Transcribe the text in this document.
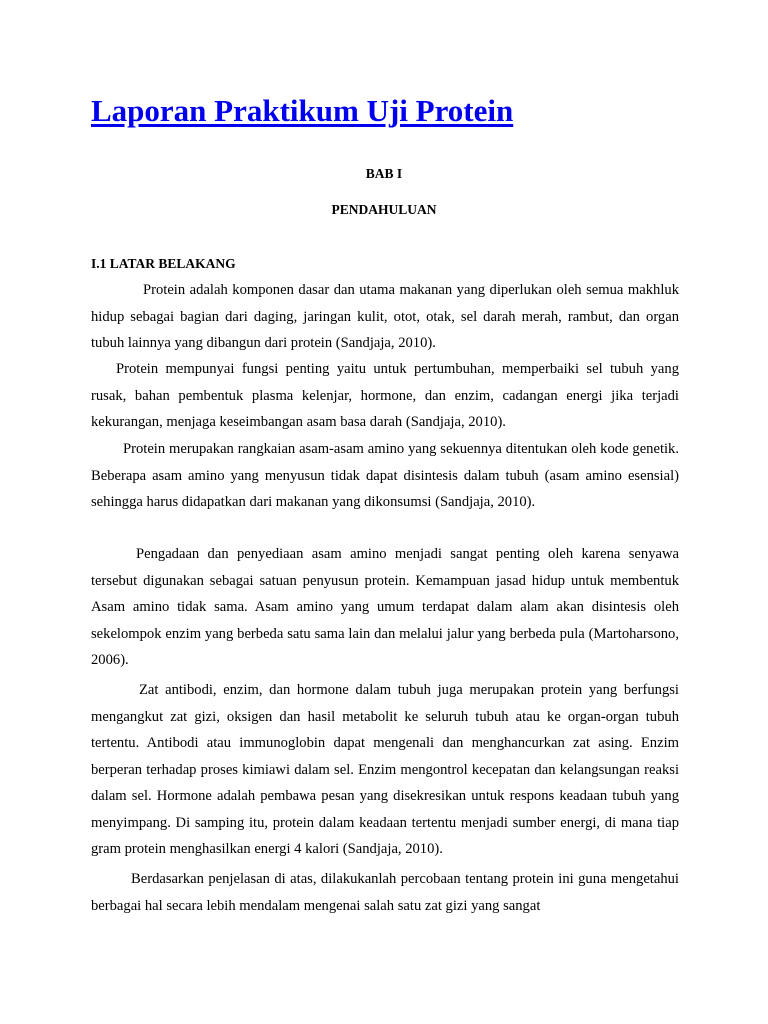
Laporan Praktikum Uji Protein

BAB I

PENDAHULUAN

I.1 LATAR BELAKANG

Protein adalah komponen dasar dan utama makanan yang diperlukan oleh semua makhluk hidup sebagai bagian dari daging, jaringan kulit, otot, otak, sel darah merah, rambut, dan organ tubuh lainnya yang dibangun dari protein (Sandjaja, 2010).

Protein mempunyai fungsi penting yaitu untuk pertumbuhan, memperbaiki sel tubuh yang rusak, bahan pembentuk plasma kelenjar, hormone, dan enzim, cadangan energi jika terjadi kekurangan, menjaga keseimbangan asam basa darah (Sandjaja, 2010).

Protein merupakan rangkaian asam-asam amino yang sekuennya ditentukan oleh kode genetik. Beberapa asam amino yang menyusun tidak dapat disintesis dalam tubuh (asam amino esensial) sehingga harus didapatkan dari makanan yang dikonsumsi (Sandjaja, 2010).

Pengadaan dan penyediaan asam amino menjadi sangat penting oleh karena senyawa tersebut digunakan sebagai satuan penyusun protein. Kemampuan jasad hidup untuk membentuk Asam amino tidak sama. Asam amino yang umum terdapat dalam alam akan disintesis oleh sekelompok enzim yang berbeda satu sama lain dan melalui jalur yang berbeda pula (Martoharsono, 2006).

Zat antibodi, enzim, dan hormone dalam tubuh juga merupakan protein yang berfungsi mengangkut zat gizi, oksigen dan hasil metabolit ke seluruh tubuh atau ke organ-organ tubuh tertentu. Antibodi atau immunoglobin dapat mengenali dan menghancurkan zat asing. Enzim berperan terhadap proses kimiawi dalam sel. Enzim mengontrol kecepatan dan kelangsungan reaksi dalam sel. Hormone adalah pembawa pesan yang disekresikan untuk respons keadaan tubuh yang menyimpang. Di samping itu, protein dalam keadaan tertentu menjadi sumber energi, di mana tiap gram protein menghasilkan energi 4 kalori (Sandjaja, 2010).

Berdasarkan penjelasan di atas, dilakukanlah percobaan tentang protein ini guna mengetahui berbagai hal secara lebih mendalam mengenai salah satu zat gizi yang sangat
